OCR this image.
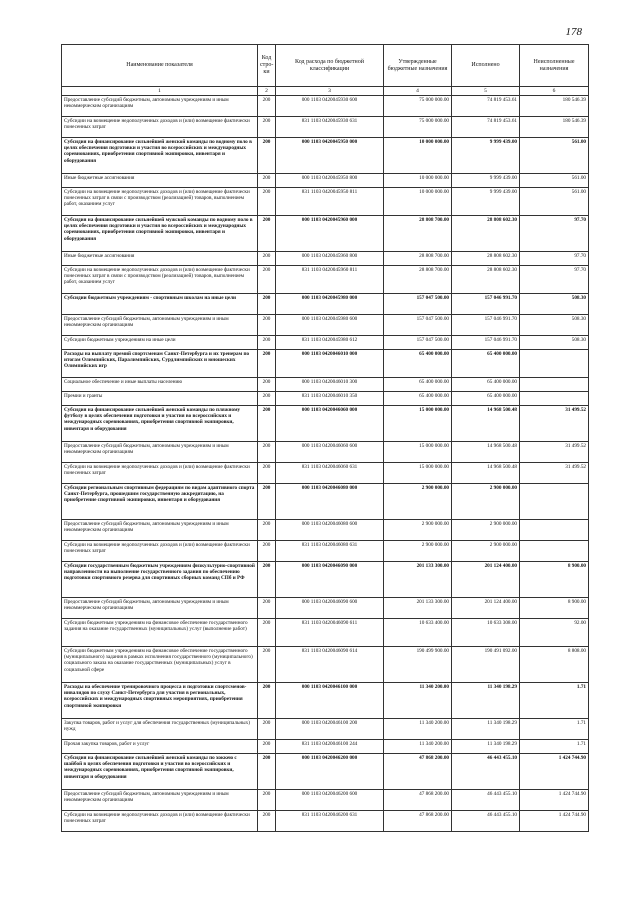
178
Наименование показателя	Код стро-ки	Код расхода по бюджетной классификации	Утвержденные бюджетные назначения	Исполнено	Неисполненные назначения
1	2	3	4	5	6
Предоставление субсидий бюджетным, автономным учреждениям и иным некоммерческим организациям	200	000 1103 0420045930 600	75 000 000.00	74 819 453.61	180 546.39
Субсидии на возмещение недополученных доходов и (или) возмещение фактически понесенных затрат	200	831 1103 0420045930 631	75 000 000.00	74 819 453.61	180 546.39
Субсидия на финансирование сильнейшей женской команды по водному поло в целях обеспечения подготовки и участия во всероссийских и международных соревнованиях, приобретения спортивной экипировки, инвентаря и оборудования	200	000 1103 0420045950 000	10 000 000.00	9 999 439.00	561.00
Иные бюджетные ассигнования	200	000 1103 0420045950 800	10 000 000.00	9 999 439.00	561.00
Субсидии на возмещение недополученных доходов и (или) возмещение фактически понесенных затрат в связи с производством (реализацией) товаров, выполнением работ, оказанием услуг	200	831 1103 0420045950 811	10 000 000.00	9 999 439.00	561.00
Субсидия на финансирование сильнейшей мужской команды по водному поло в целях обеспечения подготовки и участия во всероссийских и международных соревнованиях, приобретения спортивной экипировки, инвентаря и оборудования	200	000 1103 0420045960 000	28 808 700.00	28 808 602.30	97.70
Иные бюджетные ассигнования	200	000 1103 0420045960 800	28 808 700.00	28 808 602.30	97.70
Субсидии на возмещение недополученных доходов и (или) возмещение фактически понесенных затрат в связи с производством (реализацией) товаров, выполнением работ, оказанием услуг	200	831 1103 0420045960 811	28 808 700.00	28 808 602.30	97.70
Субсидии бюджетным учреждениям - спортивным школам на иные цели	200	000 1103 0420045980 000	157 047 500.00	157 046 991.70	508.30
Предоставление субсидий бюджетным, автономным учреждениям и иным некоммерческим организациям	200	000 1103 0420045980 600	157 047 500.00	157 046 991.70	508.30
Субсидии бюджетным учреждениям на иные цели	200	831 1103 0420045980 612	157 047 500.00	157 046 991.70	508.30
Расходы на выплату премий спортсменам Санкт-Петербурга и их тренерам по итогам Олимпийских, Паралимпийских, Сурдлимпийских и юношеских Олимпийских игр	200	000 1103 0420046010 000	65 400 000.00	65 400 000.00	
Социальное обеспечение и иные выплаты населению	200	000 1103 0420046010 300	65 400 000.00	65 400 000.00	
Премии и гранты	200	831 1103 0420046010 350	65 400 000.00	65 400 000.00	
Субсидия на финансирование сильнейшей женской команды по пляжному футболу в целях обеспечения подготовки и участия во всероссийских и международных соревнованиях, приобретения спортивной экипировки, инвентаря и оборудования	200	000 1103 0420046060 000	15 000 000.00	14 968 500.48	31 499.52
Предоставление субсидий бюджетным, автономным учреждениям и иным некоммерческим организациям	200	000 1103 0420046060 600	15 000 000.00	14 968 500.48	31 499.52
Субсидии на возмещение недополученных доходов и (или) возмещение фактически понесенных затрат	200	831 1103 0420046060 631	15 000 000.00	14 968 500.48	31 499.52
Субсидии региональным спортивным федерациям по видам адаптивного спорта Санкт-Петербурга, прошедшим государственную аккредитацию, на приобретение спортивной экипировки, инвентаря и оборудования	200	000 1103 0420046080 000	2 900 000.00	2 900 000.00	
Предоставление субсидий бюджетным, автономным учреждениям и иным некоммерческим организациям	200	000 1103 0420046080 600	2 900 000.00	2 900 000.00	
Субсидии на возмещение недополученных доходов и (или) возмещение фактически понесенных затрат	200	831 1103 0420046080 631	2 900 000.00	2 900 000.00	
Субсидии государственным бюджетным учреждениям физкультурно-спортивной направленности на выполнение государственного задания по обеспечению подготовки спортивного резерва для спортивных сборных команд СПб и РФ	200	000 1103 0420046090 000	201 133 300.00	201 124 400.00	8 900.00
Предоставление субсидий бюджетным, автономным учреждениям и иным некоммерческим организациям	200	000 1103 0420046090 600	201 133 300.00	201 124 400.00	8 900.00
Субсидии бюджетным учреждениям на финансовое обеспечение государственного задания на оказание государственных (муниципальных) услуг (выполнение работ)	200	831 1103 0420046090 611	10 633 400.00	10 633 308.00	92.00
Субсидии бюджетным учреждениям на финансовое обеспечение государственного (муниципального) задания в рамках исполнения государственного (муниципального) социального заказа на оказание государственных (муниципальных) услуг в социальной сфере	200	831 1103 0420046090 614	190 499 900.00	190 491 092.00	8 808.00
Расходы на обеспечение тренировочного процесса и подготовки спортсменов-инвалидов по слуху Санкт-Петербурга для участия в региональных, всероссийских и международных спортивных мероприятиях, приобретения спортивной экипировки	200	000 1103 0420046100 000	11 340 200.00	11 340 198.29	1.71
Закупка товаров, работ и услуг для обеспечения государственных (муниципальных) нужд	200	000 1103 0420046100 200	11 340 200.00	11 340 198.29	1.71
Прочая закупка товаров, работ и услуг	200	831 1103 0420046100 244	11 340 200.00	11 340 198.29	1.71
Субсидия на финансирование сильнейшей женской команды по хоккею с шайбой в целях обеспечения подготовки и участия во всероссийских и международных соревнованиях, приобретения спортивной экипировки, инвентаря и оборудования	200	000 1103 0420046200 000	47 868 200.00	46 443 455.10	1 424 744.90
Предоставление субсидий бюджетным, автономным учреждениям и иным некоммерческим организациям	200	000 1103 0420046200 600	47 868 200.00	46 443 455.10	1 424 744.90
Субсидии на возмещение недополученных доходов и (или) возмещение фактически понесенных затрат	200	831 1103 0420046200 631	47 868 200.00	46 443 455.10	1 424 744.90
